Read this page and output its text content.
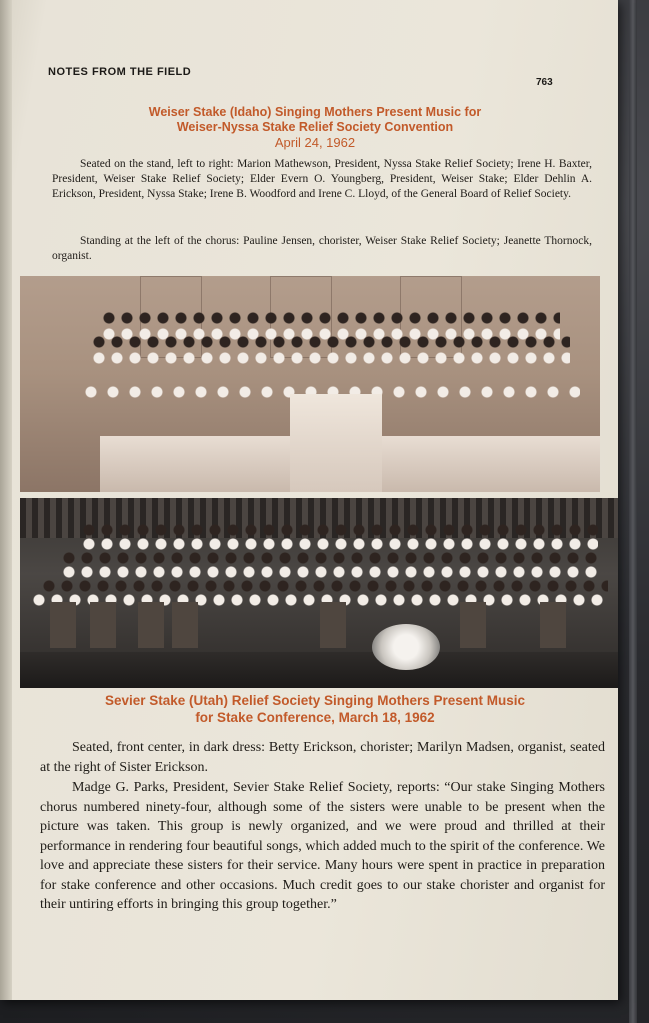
NOTES FROM THE FIELD
763
Weiser Stake (Idaho) Singing Mothers Present Music for
Weiser-Nyssa Stake Relief Society Convention
April 24, 1962
Seated on the stand, left to right: Marion Mathewson, President, Nyssa Stake Relief Society; Irene H. Baxter, President, Weiser Stake Relief Society; Elder Evern O. Youngberg, President, Weiser Stake; Elder Dehlin A. Erickson, President, Nyssa Stake; Irene B. Woodford and Irene C. Lloyd, of the General Board of Relief Society.
Standing at the left of the chorus: Pauline Jensen, chorister, Weiser Stake Relief Society; Jeanette Thornock, organist.
Sevier Stake (Utah) Relief Society Singing Mothers Present Music
for Stake Conference, March 18, 1962
Seated, front center, in dark dress: Betty Erickson, chorister; Marilyn Madsen, organist, seated at the right of Sister Erickson.
Madge G. Parks, President, Sevier Stake Relief Society, reports: “Our stake Singing Mothers chorus numbered ninety-four, although some of the sisters were unable to be present when the picture was taken. This group is newly organized, and we were proud and thrilled at their performance in rendering four beautiful songs, which added much to the spirit of the conference. We love and appreciate these sisters for their service. Many hours were spent in practice in preparation for stake conference and other occasions. Much credit goes to our stake chorister and organist for their untiring efforts in bringing this group together.”
